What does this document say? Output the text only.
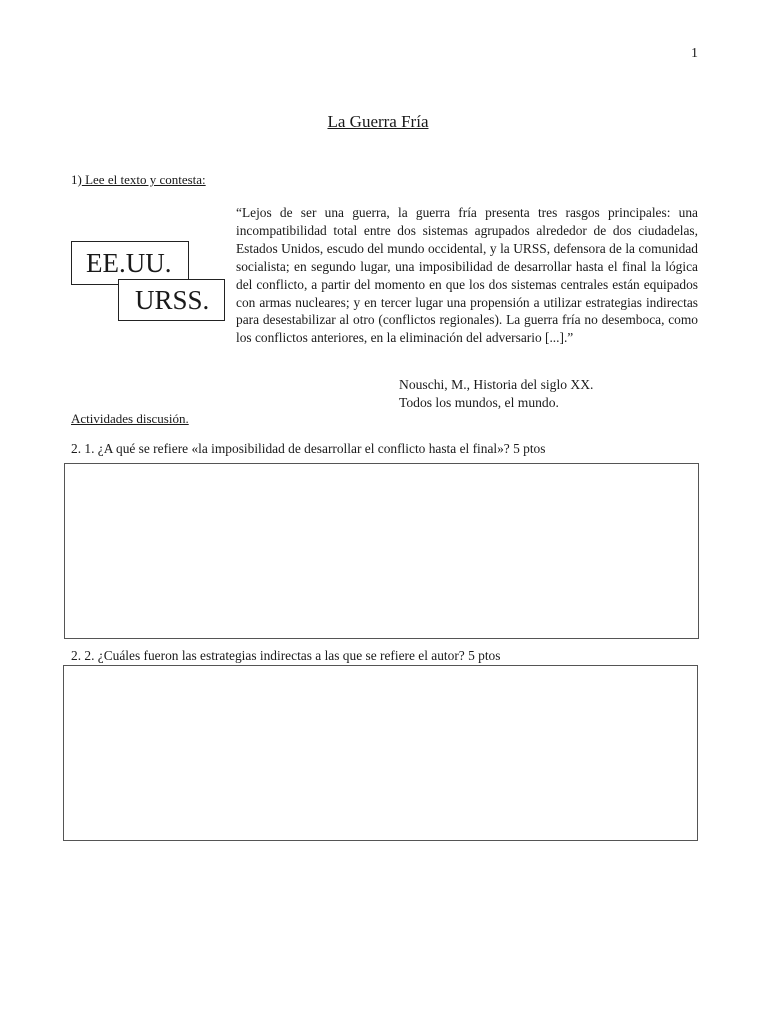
1
La Guerra Fría
1) Lee el texto y contesta:
EE.UU.
URSS.
“Lejos de ser una guerra, la guerra fría presenta tres rasgos principales: una incompatibilidad total entre dos sistemas agrupados alrededor de dos ciudadelas, Estados Unidos, escudo del mundo occidental, y la URSS, defensora de la comunidad socialista; en segundo lugar, una imposibilidad de desarrollar hasta el final la lógica del conflicto, a partir del momento en que los dos sistemas centrales están equipados con armas nucleares; y en tercer lugar una propensión a utilizar estrategias indirectas para desestabilizar al otro (conflictos regionales). La guerra fría no desemboca, como los conflictos anteriores, en la eliminación del adversario [...].”
Nouschi, M., Historia del siglo XX.
Todos los mundos, el mundo.
Actividades discusión.
2. 1. ¿A qué se refiere «la imposibilidad de desarrollar el conflicto hasta el final»? 5 ptos
2. 2. ¿Cuáles fueron las estrategias indirectas a las que se refiere el autor? 5 ptos
